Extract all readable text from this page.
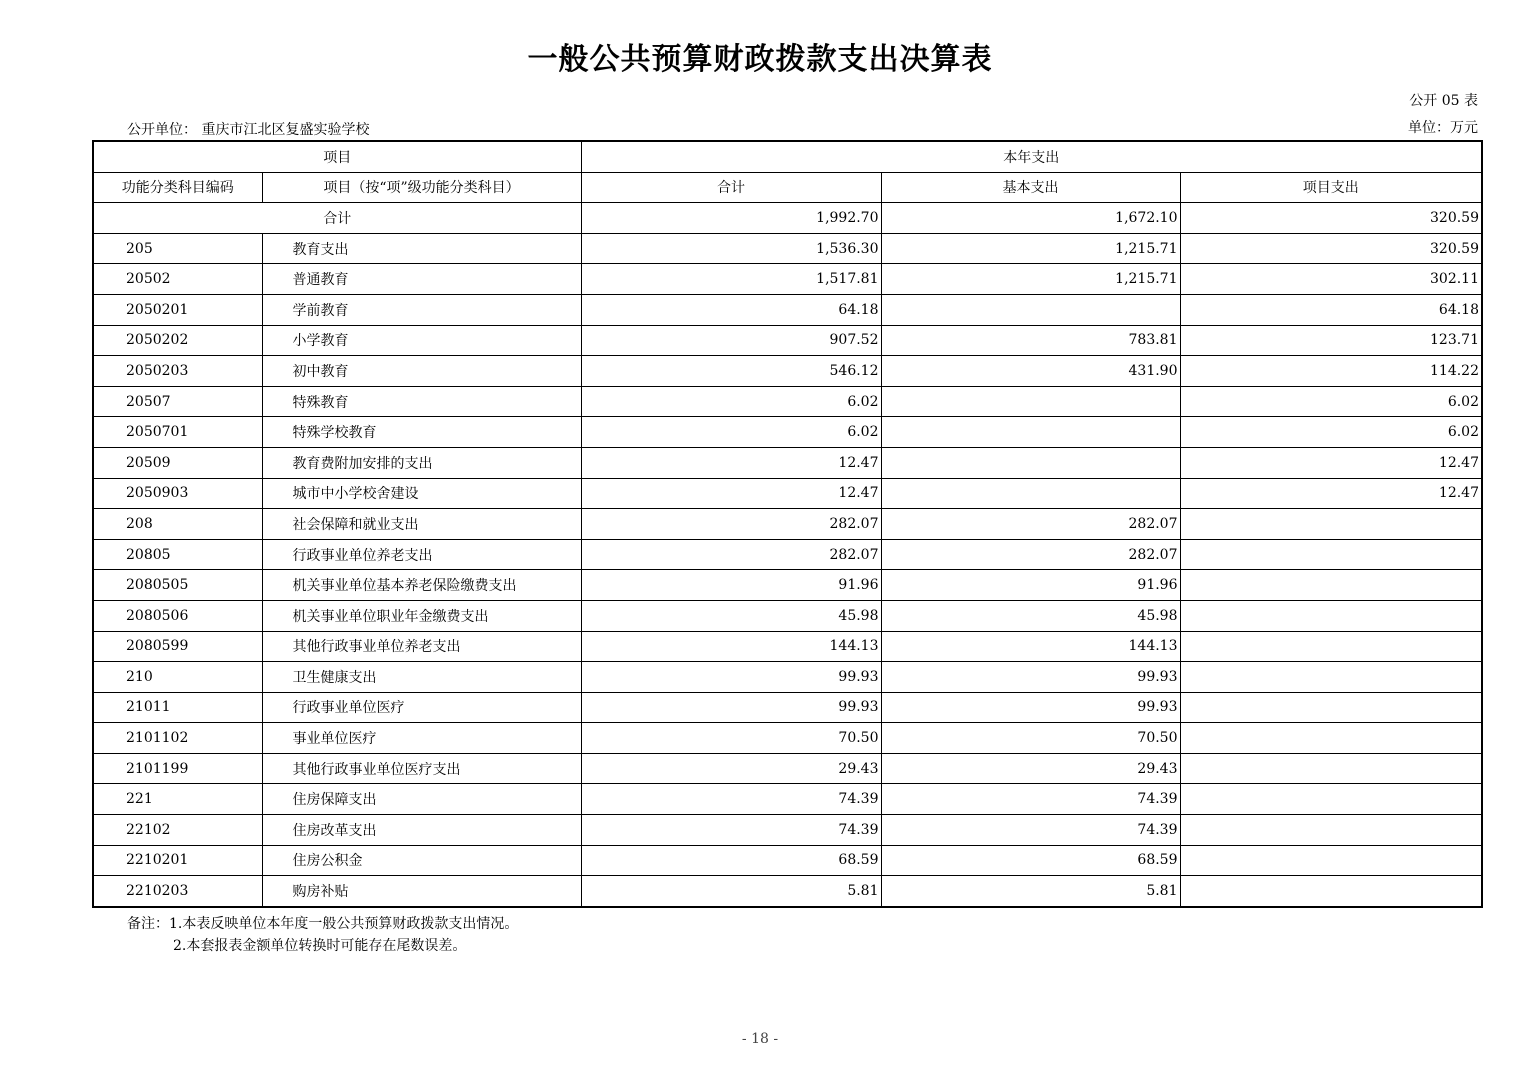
一般公共预算财政拨款支出决算表
公开 05 表
公开单位： 重庆市江北区复盛实验学校	单位：万元
项目		本年支出		
功能分类科目编码	项目（按“项”级功能分类科目）	合计	基本支出	项目支出
合计		1,992.70	1,672.10	320.59
205	教育支出	1,536.30	1,215.71	320.59
20502	普通教育	1,517.81	1,215.71	302.11
2050201	学前教育	64.18		64.18
2050202	小学教育	907.52	783.81	123.71
2050203	初中教育	546.12	431.90	114.22
20507	特殊教育	6.02		6.02
2050701	特殊学校教育	6.02		6.02
20509	教育费附加安排的支出	12.47		12.47
2050903	城市中小学校舍建设	12.47		12.47
208	社会保障和就业支出	282.07	282.07	
20805	行政事业单位养老支出	282.07	282.07	
2080505	机关事业单位基本养老保险缴费支出	91.96	91.96	
2080506	机关事业单位职业年金缴费支出	45.98	45.98	
2080599	其他行政事业单位养老支出	144.13	144.13	
210	卫生健康支出	99.93	99.93	
21011	行政事业单位医疗	99.93	99.93	
2101102	事业单位医疗	70.50	70.50	
2101199	其他行政事业单位医疗支出	29.43	29.43	
221	住房保障支出	74.39	74.39	
22102	住房改革支出	74.39	74.39	
2210201	住房公积金	68.59	68.59	
2210203	购房补贴	5.81	5.81	
备注：1.本表反映单位本年度一般公共预算财政拨款支出情况。
2.本套报表金额单位转换时可能存在尾数误差。
- 18 -
